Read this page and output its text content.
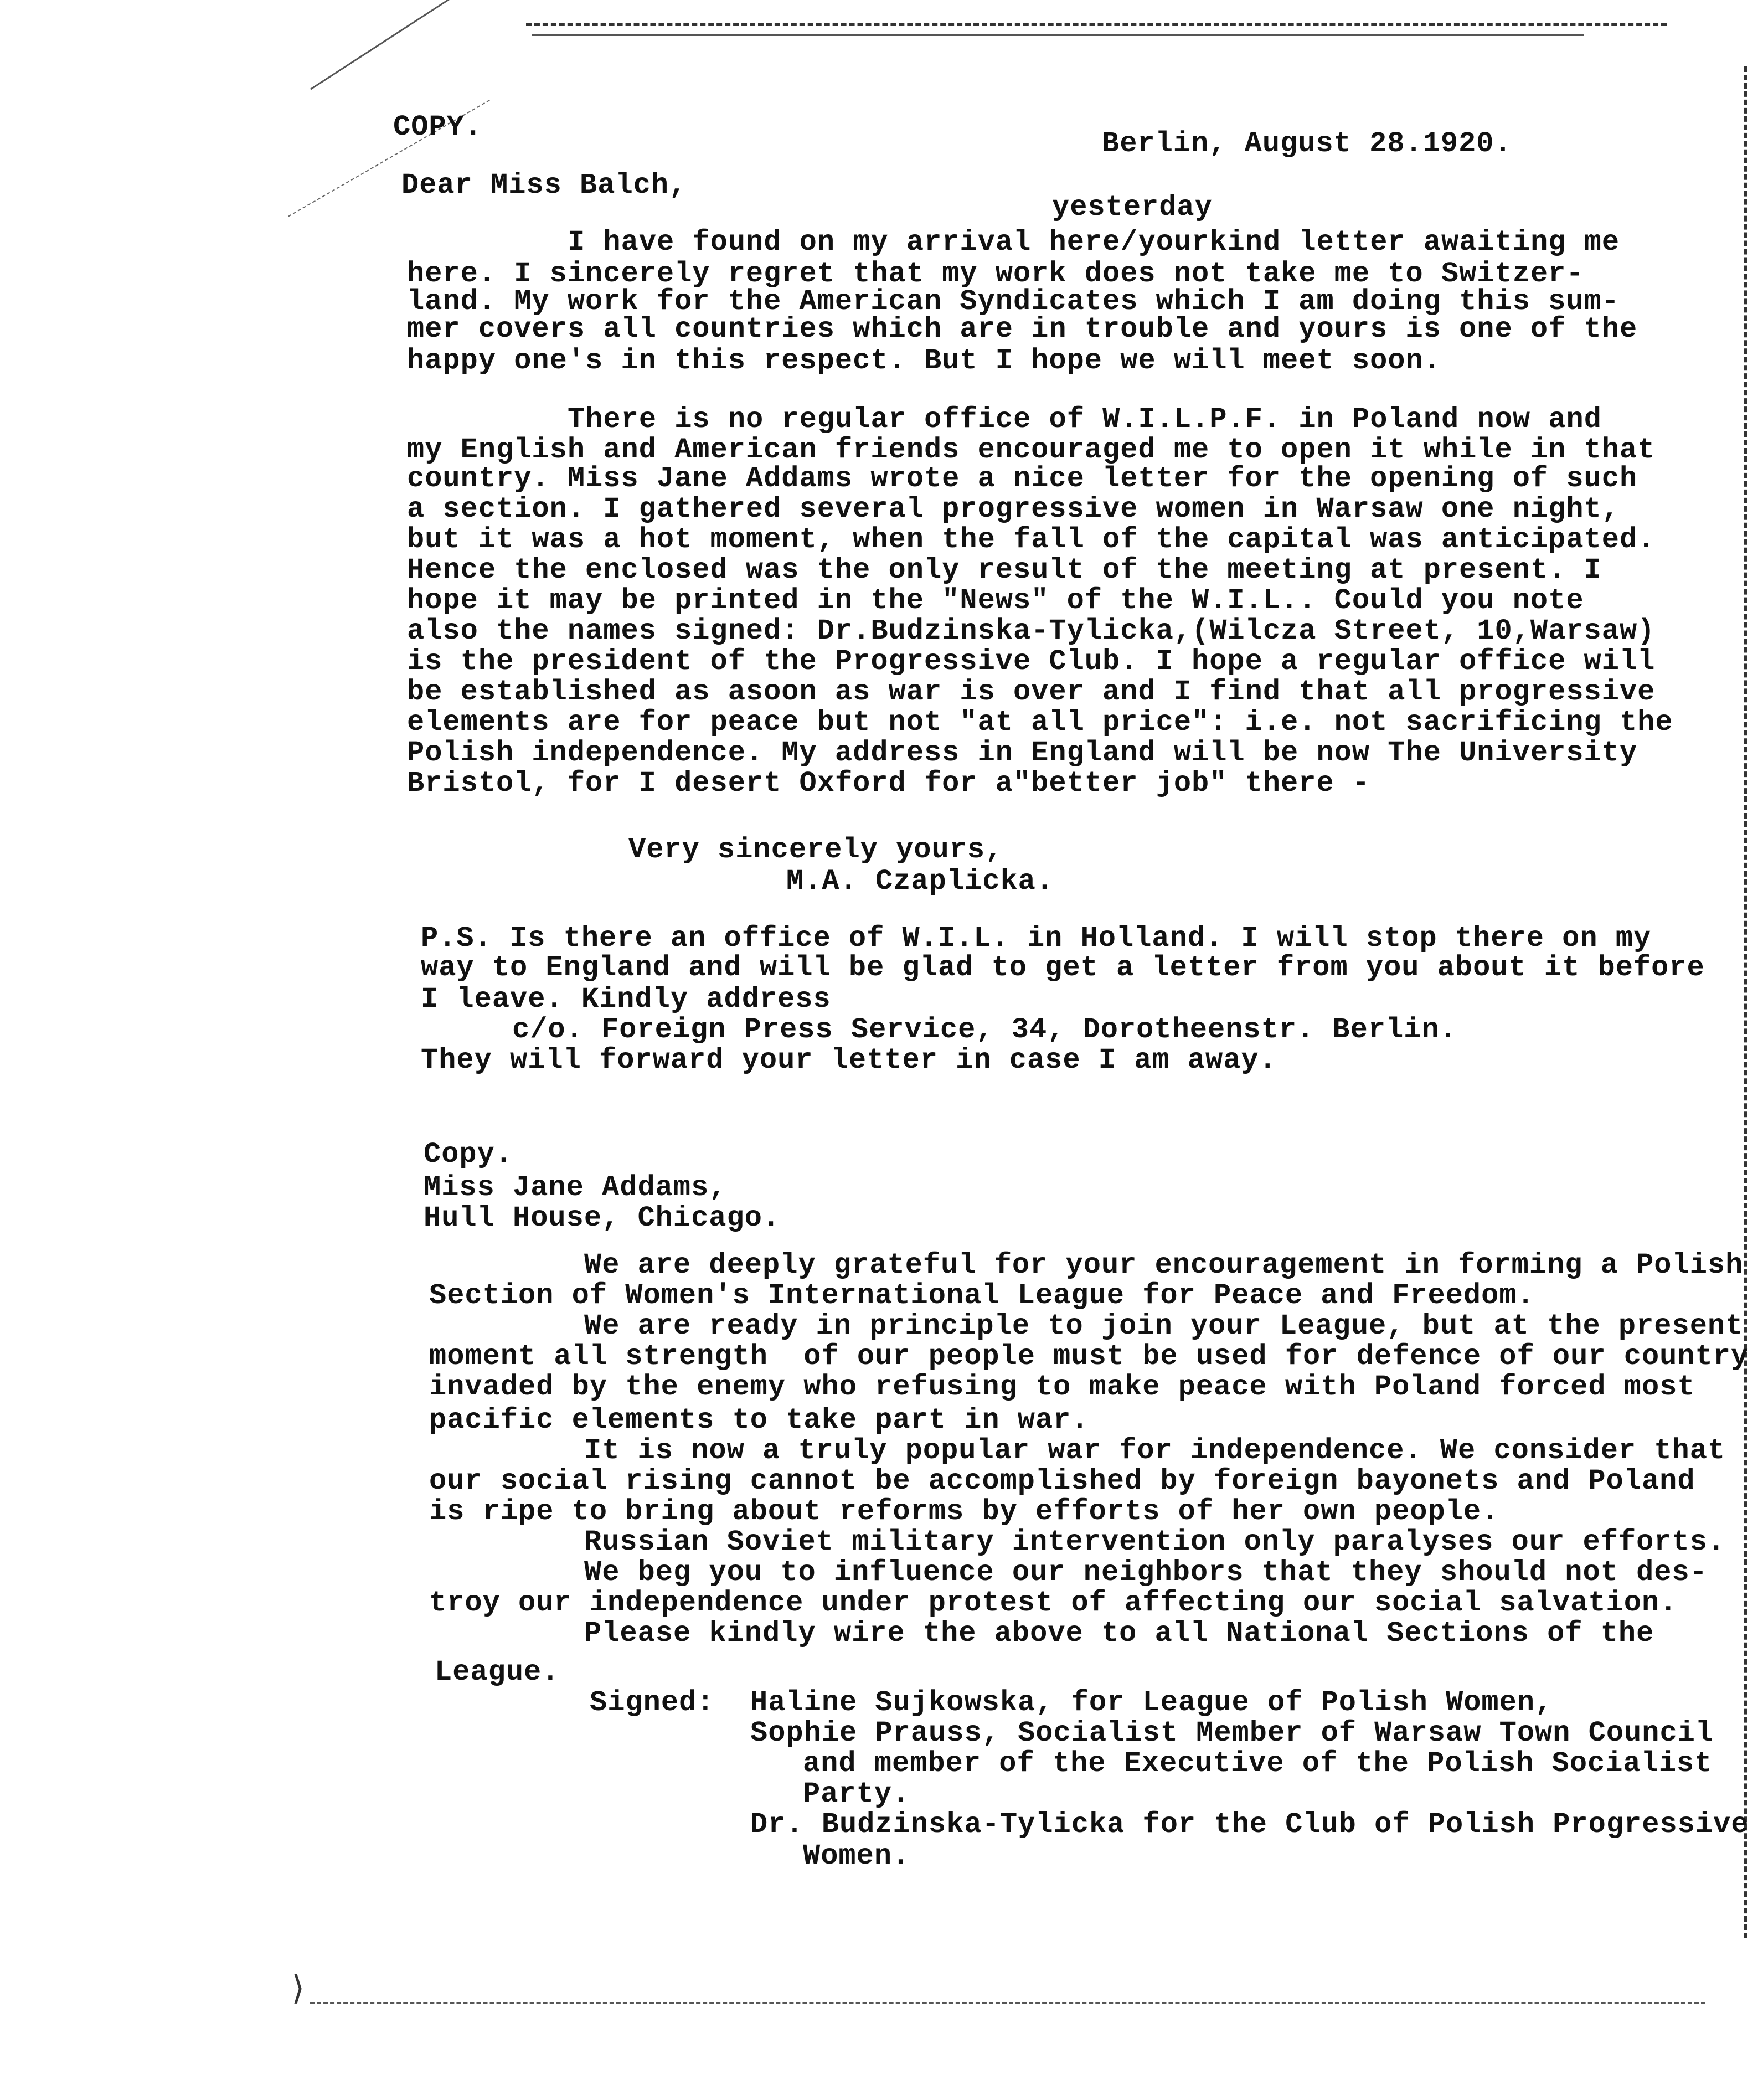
⟩
COPY.
Berlin, August 28.1920.
Dear Miss Balch,
yesterday
I have found on my arrival here/yourkind letter awaiting me
here. I sincerely regret that my work does not take me to Switzer-
land. My work for the American Syndicates which I am doing this sum-
mer covers all countries which are in trouble and yours is one of the
happy one's in this respect. But I hope we will meet soon.
There is no regular office of W.I.L.P.F. in Poland now and
my English and American friends encouraged me to open it while in that
country. Miss Jane Addams wrote a nice letter for the opening of such
a section. I gathered several progressive women in Warsaw one night,
but it was a hot moment, when the fall of the capital was anticipated.
Hence the enclosed was the only result of the meeting at present. I
hope it may be printed in the "News" of the W.I.L.. Could you note
also the names signed: Dr.Budzinska-Tylicka,(Wilcza Street, 10,Warsaw)
is the president of the Progressive Club. I hope a regular office will
be established as asoon as war is over and I find that all progressive
elements are for peace but not "at all price": i.e. not sacrificing the
Polish independence. My address in England will be now The University
Bristol, for I desert Oxford for a"better job" there -
Very sincerely yours,
M.A. Czaplicka.
P.S. Is there an office of W.I.L. in Holland. I will stop there on my
way to England and will be glad to get a letter from you about it before
I leave. Kindly address
c/o. Foreign Press Service, 34, Dorotheenstr. Berlin.
They will forward your letter in case I am away.
Copy.
Miss Jane Addams,
Hull House, Chicago.
We are deeply grateful for your encouragement in forming a Polish
Section of Women's International League for Peace and Freedom.
We are ready in principle to join your League, but at the present
moment all strength  of our people must be used for defence of our country
invaded by the enemy who refusing to make peace with Poland forced most
pacific elements to take part in war.
It is now a truly popular war for independence. We consider that
our social rising cannot be accomplished by foreign bayonets and Poland
is ripe to bring about reforms by efforts of her own people.
Russian Soviet military intervention only paralyses our efforts.
We beg you to influence our neighbors that they should not des-
troy our independence under protest of affecting our social salvation.
Please kindly wire the above to all National Sections of the
League.
Signed: Haline Sujkowska, for League of Polish Women,
Sophie Prauss, Socialist Member of Warsaw Town Council
and member of the Executive of the Polish Socialist
Party.
Dr. Budzinska-Tylicka for the Club of Polish Progressive
Women.
